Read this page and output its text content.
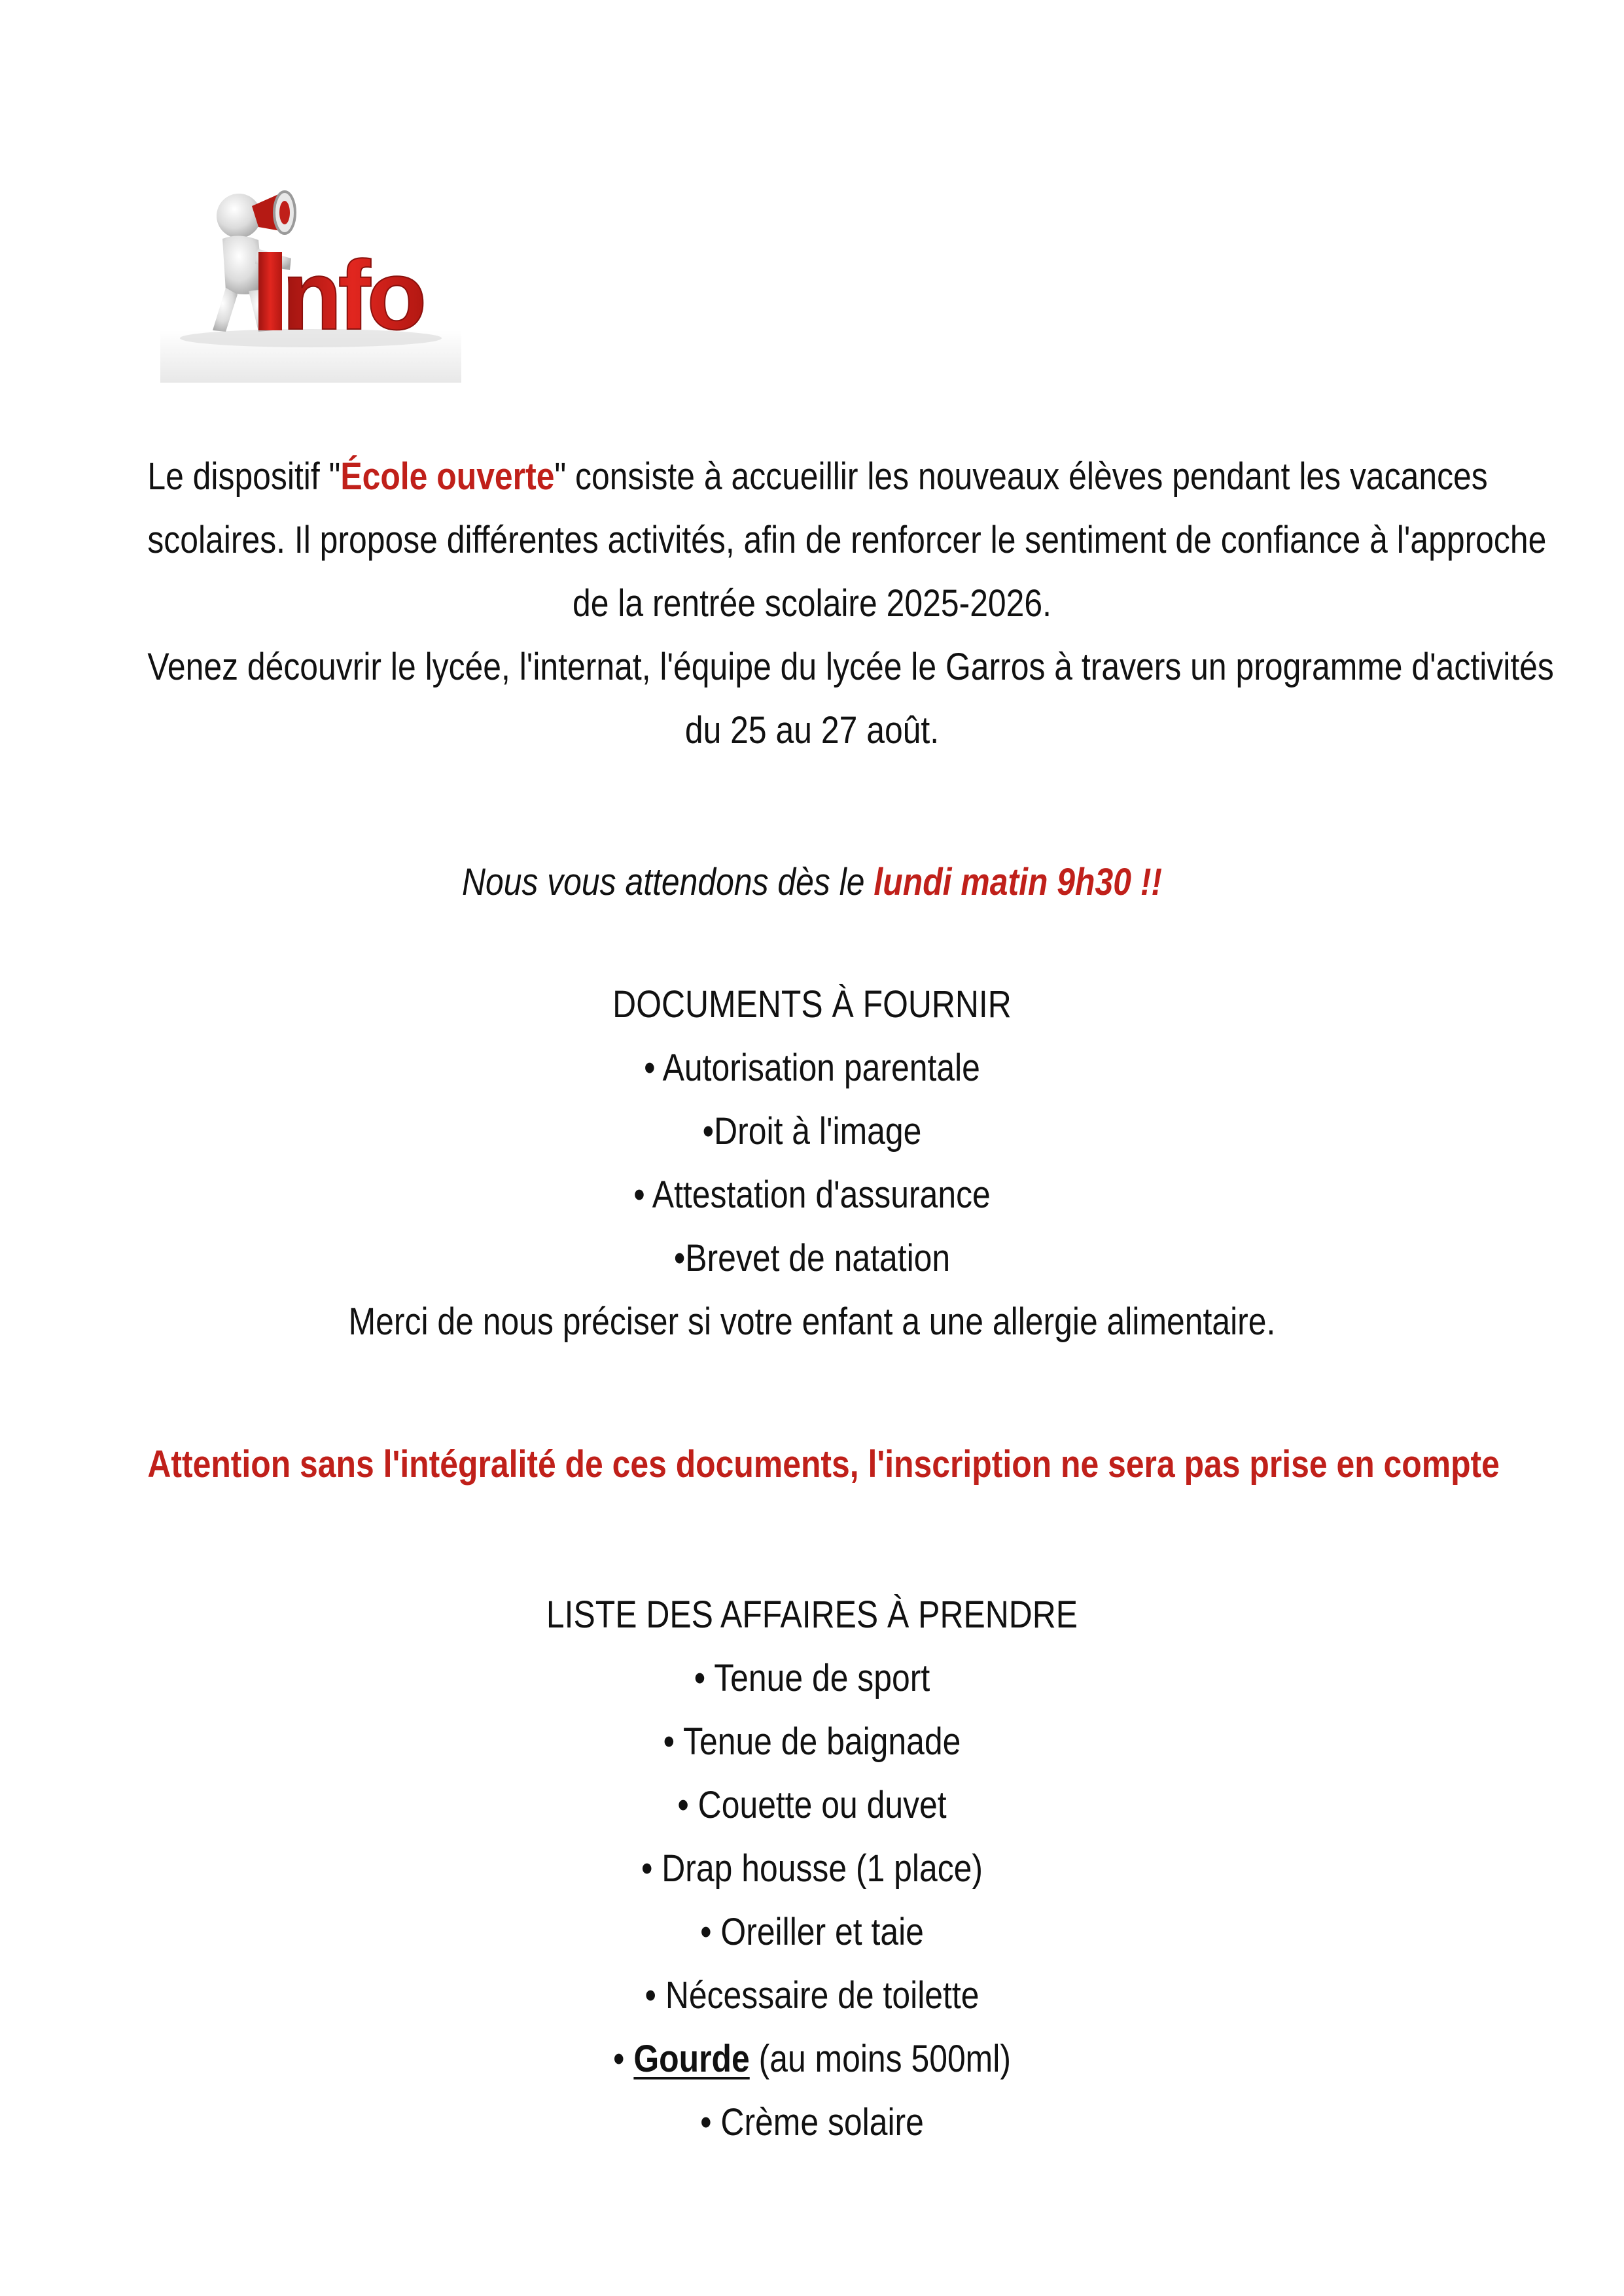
nfo
Le dispositif "École ouverte" consiste à accueillir les nouveaux élèves pendant les vacances
scolaires. Il propose différentes activités, afin de renforcer le sentiment de confiance à l'approche
de la rentrée scolaire 2025-2026.
Venez découvrir le lycée, l'internat, l'équipe du lycée le Garros à travers un programme d'activités
du 25 au 27 août.
Nous vous attendons dès le lundi matin 9h30 !!
DOCUMENTS À FOURNIR
• Autorisation parentale
•Droit à l'image
• Attestation d'assurance
•Brevet de natation
Merci de nous préciser si votre enfant a une allergie alimentaire.
Attention sans l'intégralité de ces documents, l'inscription ne sera pas prise en compte
LISTE DES AFFAIRES À PRENDRE
• Tenue de sport
• Tenue de baignade
• Couette ou duvet
• Drap housse (1 place)
• Oreiller et taie
• Nécessaire de toilette
• Gourde (au moins 500ml)
• Crème solaire
